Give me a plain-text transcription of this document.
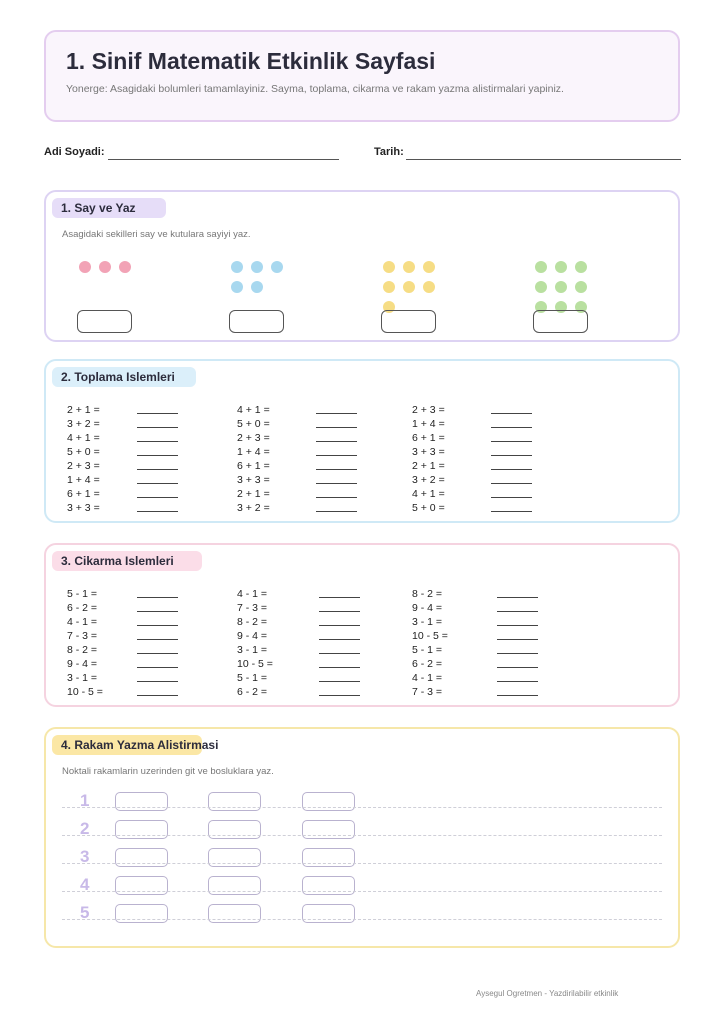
1. Sinif Matematik Etkinlik Sayfasi
Yonerge: Asagidaki bolumleri tamamlayiniz. Sayma, toplama, cikarma ve rakam yazma alistirmalari yapiniz.
Adi Soyadi:	Tarih:
1. Say ve Yaz
Asagidaki sekilleri say ve kutulara sayiyi yaz.
2. Toplama Islemleri
2 + 1 =
3 + 2 =
4 + 1 =
5 + 0 =
2 + 3 =
1 + 4 =
6 + 1 =
3 + 3 =
4 + 1 =
5 + 0 =
2 + 3 =
1 + 4 =
6 + 1 =
3 + 3 =
2 + 1 =
3 + 2 =
2 + 3 =
1 + 4 =
6 + 1 =
3 + 3 =
2 + 1 =
3 + 2 =
4 + 1 =
5 + 0 =
3. Cikarma Islemleri
5 - 1 =
6 - 2 =
4 - 1 =
7 - 3 =
8 - 2 =
9 - 4 =
3 - 1 =
10 - 5 =
4 - 1 =
7 - 3 =
8 - 2 =
9 - 4 =
3 - 1 =
10 - 5 =
5 - 1 =
6 - 2 =
8 - 2 =
9 - 4 =
3 - 1 =
10 - 5 =
5 - 1 =
6 - 2 =
4 - 1 =
7 - 3 =
4. Rakam Yazma Alistirmasi
Noktali rakamlarin uzerinden git ve bosluklara yaz.
1
2
3
4
5
Aysegul Ogretmen - Yazdirilabilir etkinlik
